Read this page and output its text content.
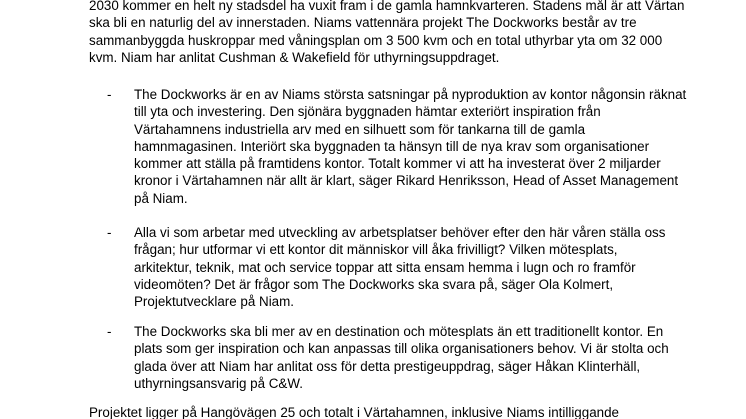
2030 kommer en helt ny stadsdel ha vuxit fram i de gamla hamnkvarteren. Stadens mål är att Värtan
ska bli en naturlig del av innerstaden. Niams vattennära projekt The Dockworks består av tre
sammanbyggda huskroppar med våningsplan om 3 500 kvm och en total uthyrbar yta om 32 000
kvm. Niam har anlitat Cushman & Wakefield för uthyrningsuppdraget.
- The Dockworks är en av Niams största satsningar på nyproduktion av kontor någonsin räknat
till yta och investering. Den sjönära byggnaden hämtar exteriört inspiration från
Värtahamnens industriella arv med en silhuett som för tankarna till de gamla
hamnmagasinen. Interiört ska byggnaden ta hänsyn till de nya krav som organisationer
kommer att ställa på framtidens kontor. Totalt kommer vi att ha investerat över 2 miljarder
kronor i Värtahamnen när allt är klart, säger Rikard Henriksson, Head of Asset Management
på Niam.
- Alla vi som arbetar med utveckling av arbetsplatser behöver efter den här våren ställa oss
frågan; hur utformar vi ett kontor dit människor vill åka frivilligt? Vilken mötesplats,
arkitektur, teknik, mat och service toppar att sitta ensam hemma i lugn och ro framför
videomöten? Det är frågor som The Dockworks ska svara på, säger Ola Kolmert,
Projektutvecklare på Niam.
- The Dockworks ska bli mer av en destination och mötesplats än ett traditionellt kontor. En
plats som ger inspiration och kan anpassas till olika organisationers behov. Vi är stolta och
glada över att Niam har anlitat oss för detta prestigeuppdrag, säger Håkan Klinterhäll,
uthyrningsansvarig på C&W.
Projektet ligger på Hangövägen 25 och totalt i Värtahamnen, inklusive Niams intilliggande
